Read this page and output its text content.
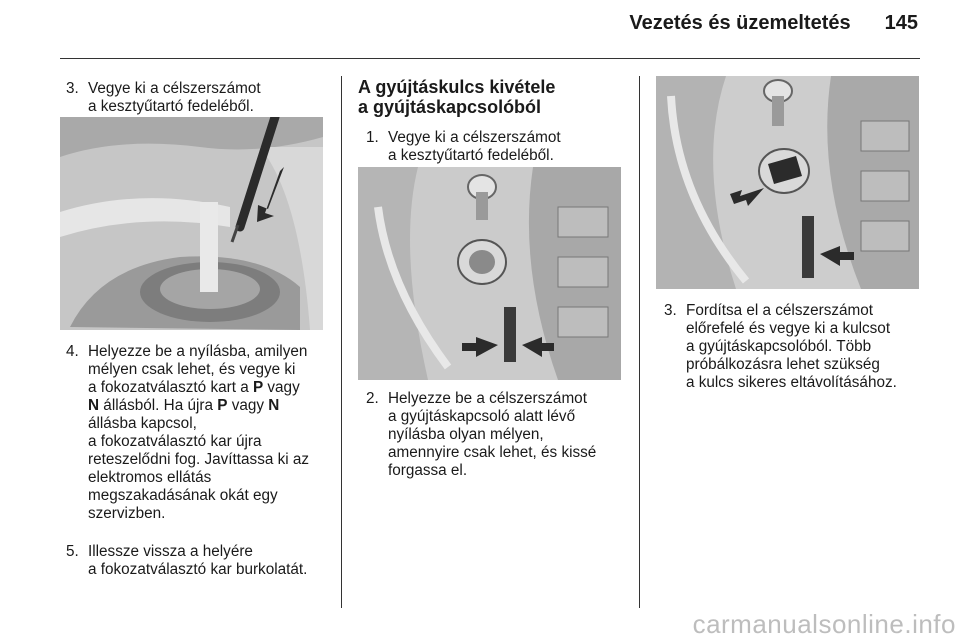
Vezetés és üzemeltetés 145
3. Vegye ki a célszerszámot
a kesztyűtartó fedeléből.
4. Helyezze be a nyílásba, amilyen
mélyen csak lehet, és vegye ki
a fokozatválasztó kart a P vagy
N állásból. Ha újra P vagy N
állásba kapcsol,
a fokozatválasztó kar újra
reteszelődni fog. Javíttassa ki az
elektromos ellátás
megszakadásának okát egy
szervizben.
5. Illessze vissza a helyére
a fokozatválasztó kar burkolatát.
A gyújtáskulcs kivétele
a gyújtáskapcsolóból
1. Vegye ki a célszerszámot
a kesztyűtartó fedeléből.
2. Helyezze be a célszerszámot
a gyújtáskapcsoló alatt lévő
nyílásba olyan mélyen,
amennyire csak lehet, és kissé
forgassa el.
3. Fordítsa el a célszerszámot
előrefelé és vegye ki a kulcsot
a gyújtáskapcsolóból. Több
próbálkozásra lehet szükség
a kulcs sikeres eltávolításához.
carmanualsonline.info
